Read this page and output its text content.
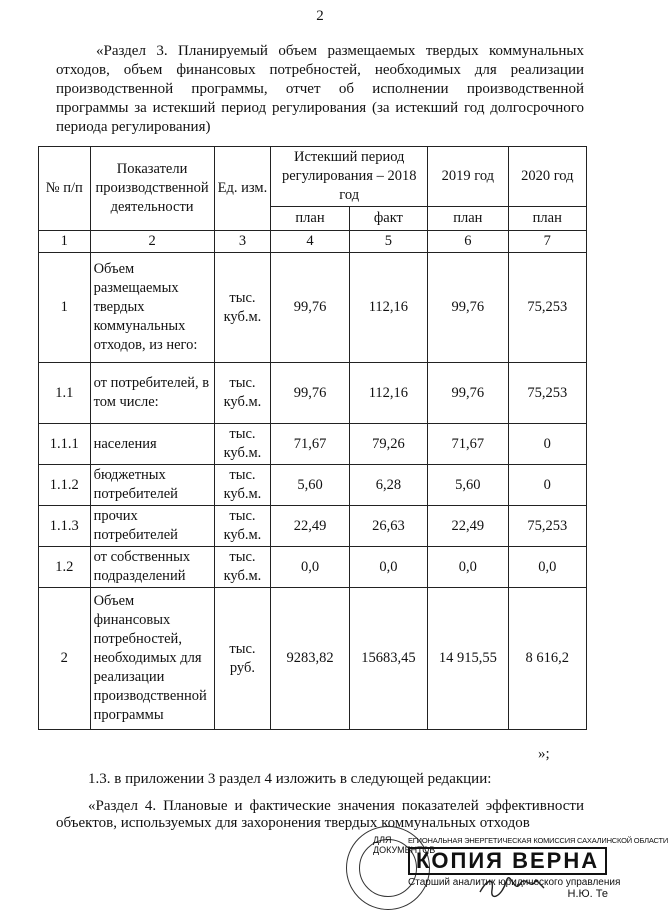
2
«Раздел 3. Планируемый объем размещаемых твердых коммунальных отходов, объем финансовых потребностей, необходимых для реализации производственной программы, отчет об исполнении производственной программы за истекший период регулирования (за истекший год долгосрочного периода регулирования)
№ п/п	Показатели производственной деятельности	Ед. изм.	Истекший период регулирования – 2018 год		2019 год	2020 год
			план	факт	план	план
1	2	3	4	5	6	7
1	Объем размещаемых твердых коммунальных отходов, из него:	тыс. куб.м.	99,76	112,16	99,76	75,253
1.1	от потребителей, в том числе:	тыс. куб.м.	99,76	112,16	99,76	75,253
1.1.1	населения	тыс. куб.м.	71,67	79,26	71,67	0
1.1.2	бюджетных потребителей	тыс. куб.м.	5,60	6,28	5,60	0
1.1.3	прочих потребителей	тыс. куб.м.	22,49	26,63	22,49	75,253
1.2	от собственных подразделений	тыс. куб.м.	0,0	0,0	0,0	0,0
2	Объем финансовых потребностей, необходимых для реализации производственной программы	тыс. руб.	9283,82	15683,45	14 915,55	8 616,2
»;
1.3. в приложении 3 раздел 4 изложить в следующей редакции:
«Раздел 4. Плановые и фактические значения показателей эффективности объектов, используемых для захоронения твердых коммунальных отходов
ДЛЯ ДОКУМЕНТОВ
ЕГИОНАЛЬНАЯ ЭНЕРГЕТИЧЕСКАЯ КОМИССИЯ САХАЛИНСКОЙ ОБЛАСТИ
КОПИЯ ВЕРНА
Старший аналитик юридического управления
Н.Ю. Те
